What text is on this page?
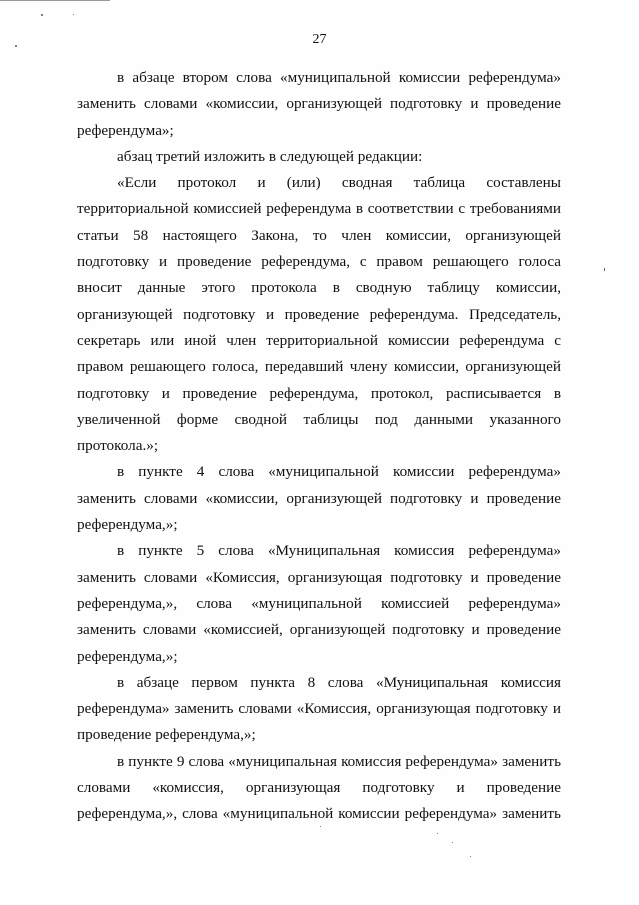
27

в абзаце втором слова «муниципальной комиссии референдума» заменить словами «комиссии, организующей подготовку и проведение референдума»;

абзац третий изложить в следующей редакции:

«Если протокол и (или) сводная таблица составлены территориальной комиссией референдума в соответствии с требованиями статьи 58 настоящего Закона, то член комиссии, организующей подготовку и проведение референдума, с правом решающего голоса вносит данные этого протокола в сводную таблицу комиссии, организующей подготовку и проведение референдума. Председатель, секретарь или иной член территориальной комиссии референдума с правом решающего голоса, передавший члену комиссии, организующей подготовку и проведение референдума, протокол, расписывается в увеличенной форме сводной таблицы под данными указанного протокола.»;

в пункте 4 слова «муниципальной комиссии референдума» заменить словами «комиссии, организующей подготовку и проведение референдума,»;

в пункте 5 слова «Муниципальная комиссия референдума» заменить словами «Комиссия, организующая подготовку и проведение референдума,», слова «муниципальной комиссией референдума» заменить словами «комиссией, организующей подготовку и проведение референдума,»;

в абзаце первом пункта 8 слова «Муниципальная комиссия референдума» заменить словами «Комиссия, организующая подготовку и проведение референдума,»;

в пункте 9 слова «муниципальная комиссия референдума» заменить словами «комиссия, организующая подготовку и проведение референдума,», слова «муниципальной комиссии референдума» заменить
